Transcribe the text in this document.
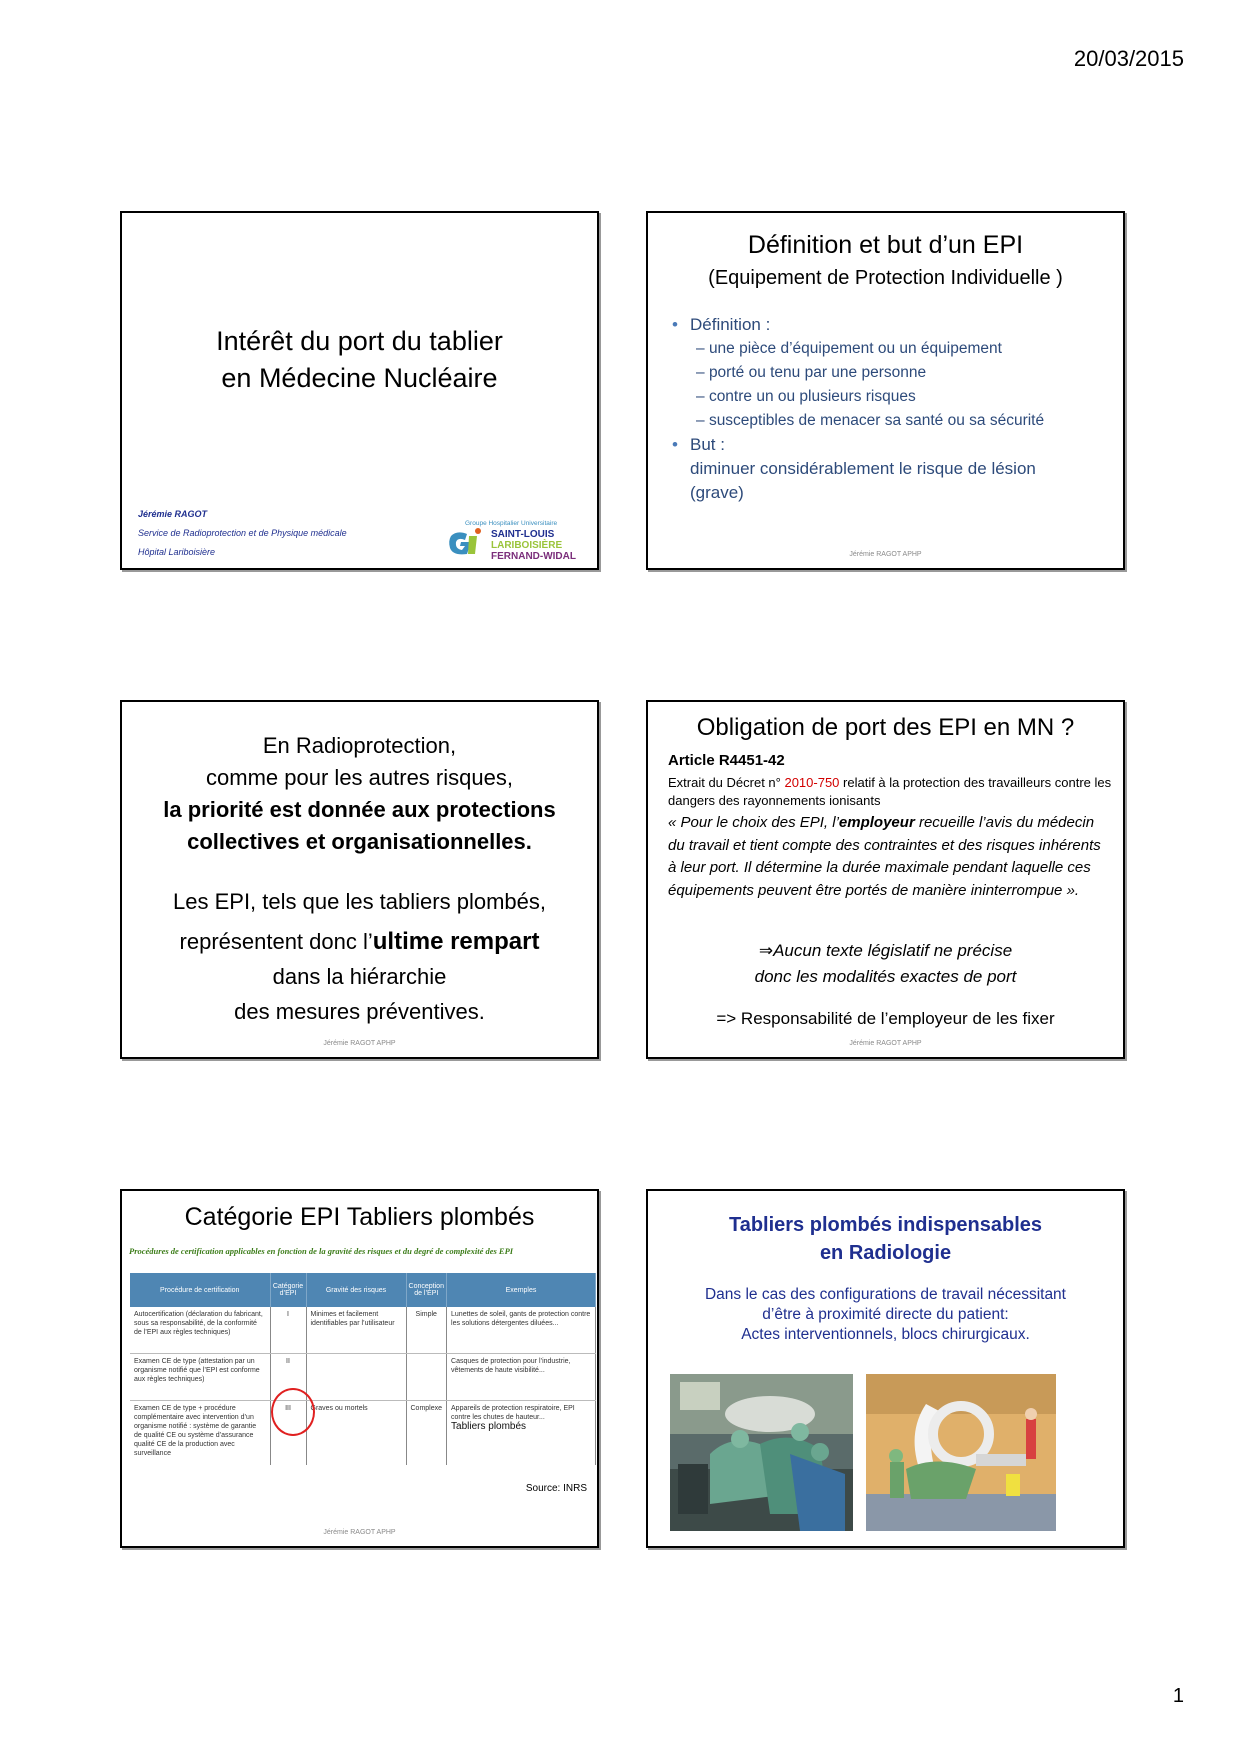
20/03/2015
Intérêt du port du tablier
en Médecine Nucléaire
Jérémie RAGOT
Service de Radioprotection et de Physique médicale
Hôpital Lariboisière
Groupe Hospitalier Universitaire
SAINT-LOUIS
LARIBOISIÈRE
FERNAND-WIDAL
Définition et but d’un EPI
(Equipement de Protection Individuelle )
• Définition :
– une pièce d’équipement ou un équipement
– porté ou tenu par une personne
– contre un ou plusieurs risques
– susceptibles de menacer sa santé ou sa sécurité
• But :
diminuer considérablement le risque de lésion
(grave)
Jérémie RAGOT APHP
En Radioprotection,
comme pour les autres risques,
la priorité est donnée aux protections
collectives et organisationnelles.
Les EPI, tels que les tabliers plombés,
représentent donc l’ultime rempart
dans la hiérarchie
des mesures préventives.
Jérémie RAGOT APHP
Obligation de port des EPI en MN ?
Article R4451-42
Extrait du Décret n° 2010-750 relatif à la protection des travailleurs contre les dangers des rayonnements ionisants
« Pour le choix des EPI, l’employeur recueille l’avis du médecin du travail et tient compte des contraintes et des risques inhérents à leur port. Il détermine la durée maximale pendant laquelle ces équipements peuvent être portés de manière ininterrompue ».
⇒Aucun texte législatif ne précise
donc les modalités exactes de port
=> Responsabilité de l’employeur de les fixer
Jérémie RAGOT APHP
Catégorie EPI Tabliers plombés
Procédures de certification applicables en fonction de la gravité des risques et du degré de complexité des EPI
Procédure de certification	Catégorie d’EPI	Gravité des risques	Conception de l’EPI	Exemples
Autocertification (déclaration du fabricant, sous sa responsabilité, de la conformité de l’EPI aux règles techniques)	I	Minimes et facilement identifiables par l’utilisateur	Simple	Lunettes de soleil, gants de protection contre les solutions détergentes diluées...
Examen CE de type (attestation par un organisme notifié que l’EPI est conforme aux règles techniques)	II			Casques de protection pour l’industrie, vêtements de haute visibilité...
Examen CE de type + procédure complémentaire avec intervention d’un organisme notifié : système de garantie de qualité CE ou système d’assurance qualité CE de la production avec surveillance	III	Graves ou mortels	Complexe	Appareils de protection respiratoire, EPI contre les chutes de hauteur...
Tabliers plombés
Source: INRS
Jérémie RAGOT APHP
Tabliers plombés indispensables
en Radiologie
Dans le cas des configurations de travail nécessitant
d’être à proximité directe du patient:
Actes interventionnels, blocs chirurgicaux.
1
